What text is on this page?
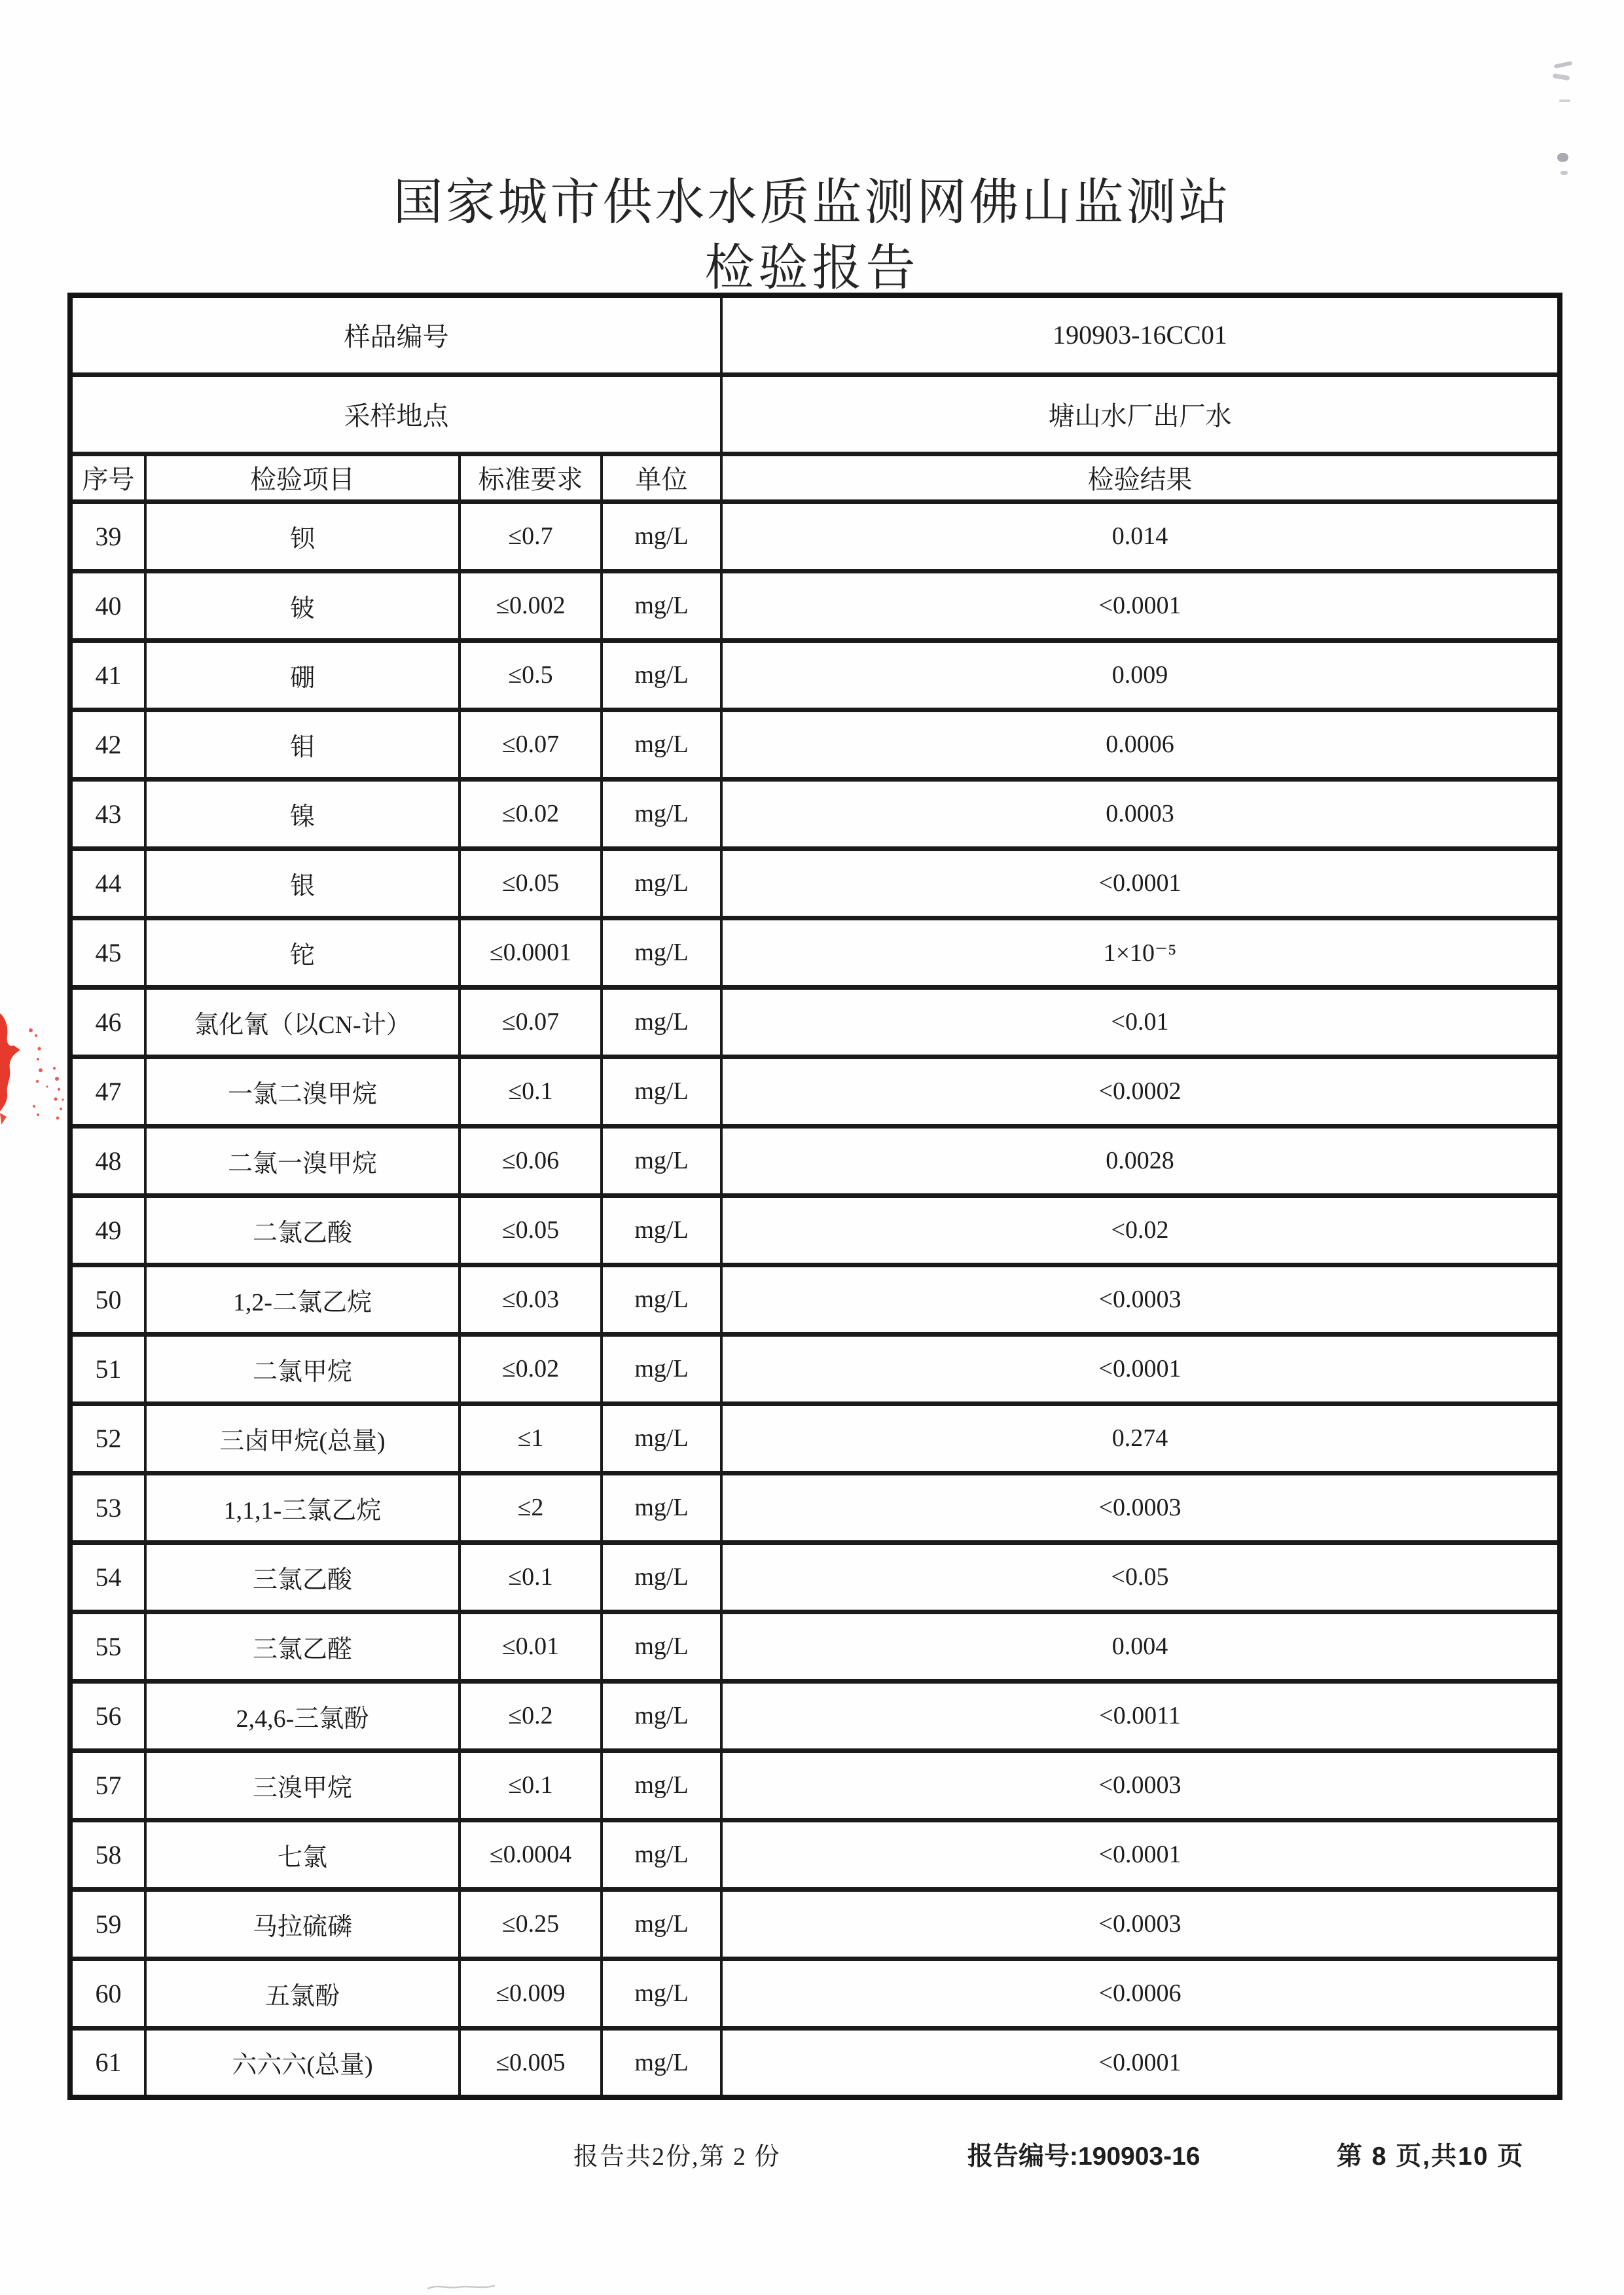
国家城市供水水质监测网佛山监测站
检验报告
样品编号				190903-16CC01
采样地点				塘山水厂出厂水
序号	检验项目	标准要求	单位	检验结果
39	钡	≤0.7	mg/L	0.014
40	铍	≤0.002	mg/L	<0.0001
41	硼	≤0.5	mg/L	0.009
42	钼	≤0.07	mg/L	0.0006
43	镍	≤0.02	mg/L	0.0003
44	银	≤0.05	mg/L	<0.0001
45	铊	≤0.0001	mg/L	1×10⁻⁵
46	氯化氰（以CN-计）	≤0.07	mg/L	<0.01
47	一氯二溴甲烷	≤0.1	mg/L	<0.0002
48	二氯一溴甲烷	≤0.06	mg/L	0.0028
49	二氯乙酸	≤0.05	mg/L	<0.02
50	1,2-二氯乙烷	≤0.03	mg/L	<0.0003
51	二氯甲烷	≤0.02	mg/L	<0.0001
52	三卤甲烷(总量)	≤1	mg/L	0.274
53	1,1,1-三氯乙烷	≤2	mg/L	<0.0003
54	三氯乙酸	≤0.1	mg/L	<0.05
55	三氯乙醛	≤0.01	mg/L	0.004
56	2,4,6-三氯酚	≤0.2	mg/L	<0.0011
57	三溴甲烷	≤0.1	mg/L	<0.0003
58	七氯	≤0.0004	mg/L	<0.0001
59	马拉硫磷	≤0.25	mg/L	<0.0003
60	五氯酚	≤0.009	mg/L	<0.0006
61	六六六(总量)	≤0.005	mg/L	<0.0001
报告共2份,第 2 份	报告编号:190903-16	第 8 页,共10 页
